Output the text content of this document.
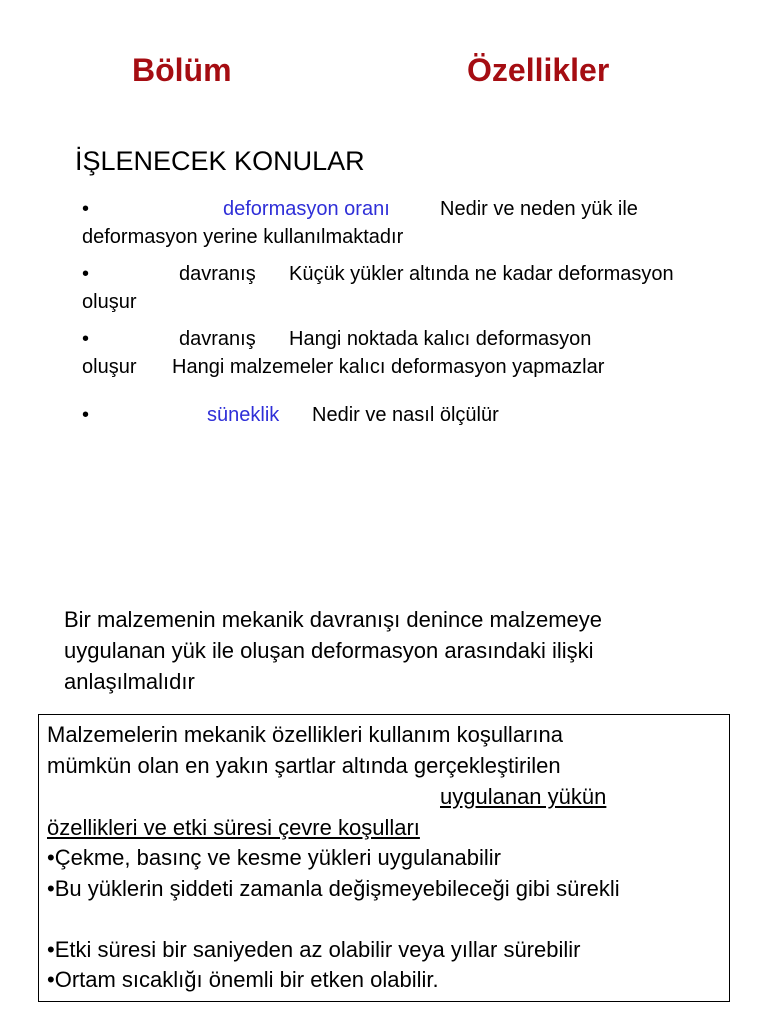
Bölüm	Özellikler
İŞLENECEK KONULAR
•	deformasyon oranı	Nedir ve neden yük ile
deformasyon yerine kullanılmaktadır
•	davranış Küçük yükler altında ne kadar deformasyon
oluşur
•	davranış Hangi noktada kalıcı deformasyon
oluşur Hangi malzemeler kalıcı deformasyon yapmazlar
•	süneklik Nedir ve nasıl ölçülür
Bir malzemenin mekanik davranışı denince malzemeye
uygulanan yük ile oluşan deformasyon arasındaki ilişki
anlaşılmalıdır
Malzemelerin mekanik özellikleri kullanım koşullarına
mümkün olan en yakın şartlar altında gerçekleştirilen
uygulanan yükün
özellikleri ve etki süresi çevre koşulları
•Çekme, basınç ve kesme yükleri uygulanabilir
•Bu yüklerin şiddeti zamanla değişmeyebileceği gibi sürekli
•Etki süresi bir saniyeden az olabilir veya yıllar sürebilir
•Ortam sıcaklığı önemli bir etken olabilir.
